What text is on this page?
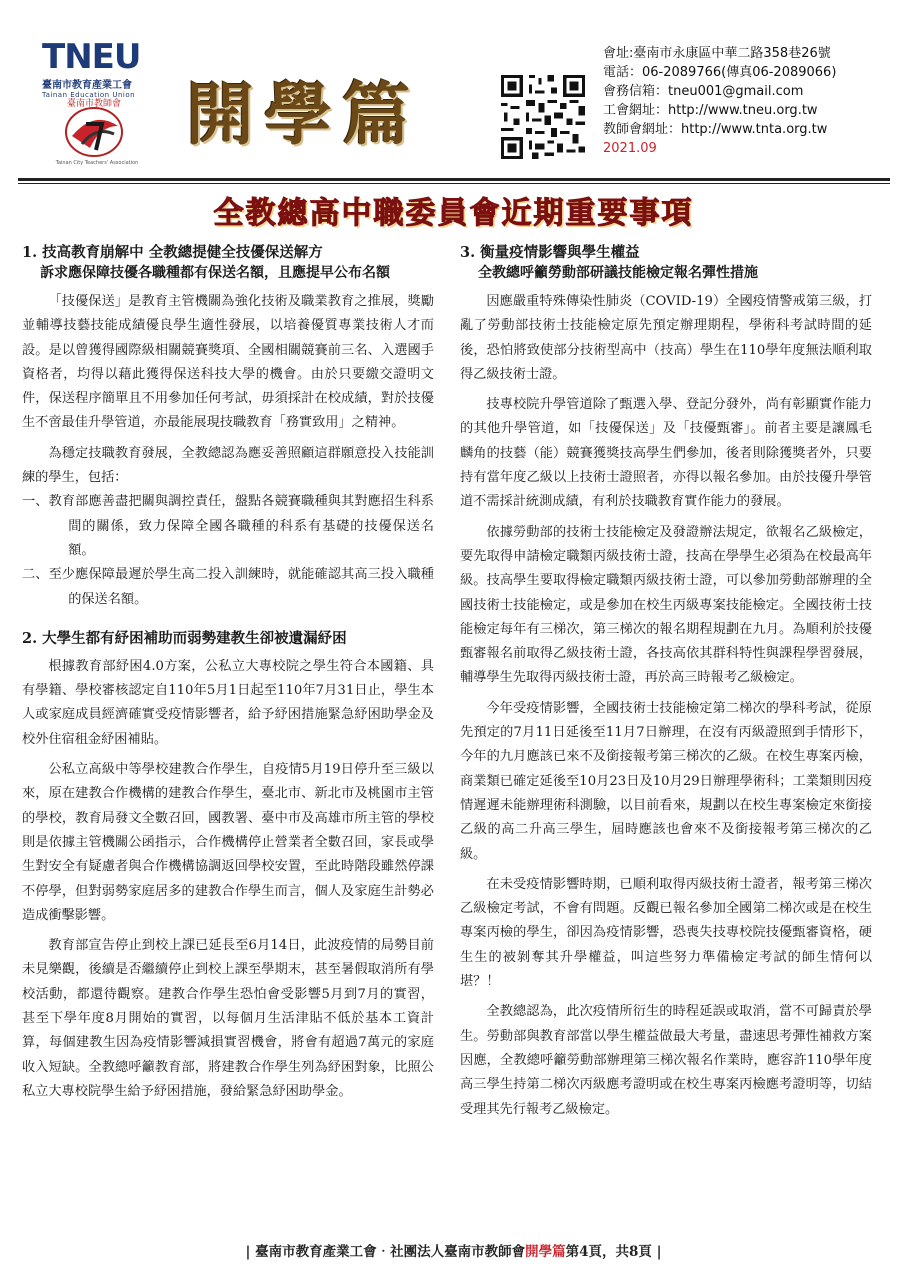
TNEU
臺南市教育產業工會
Tainan Education Union
臺南市教師會
Tainan City Teachers' Association
開學篇
會址:臺南市永康區中華二路358巷26號
電話：06-2089766(傳真06-2089066)
會務信箱：tneu001@gmail.com
工會網址：http://www.tneu.org.tw
教師會網址：http://www.tnta.org.tw
2021.09
全教總高中職委員會近期重要事項
1. 技高教育崩解中 全教總提健全技優保送解方
訴求應保障技優各職種都有保送名額，且應提早公布名額

「技優保送」是教育主管機關為強化技術及職業教育之推展，獎勵並輔導技藝技能成績優良學生適性發展，以培養優質專業技術人才而設。是以曾獲得國際級相關競賽獎項、全國相關競賽前三名、入選國手資格者，均得以藉此獲得保送科技大學的機會。由於只要繳交證明文件，保送程序簡單且不用參加任何考試，毋須採計在校成績，對於技優生不啻最佳升學管道，亦最能展現技職教育「務實致用」之精神。

為穩定技職教育發展，全教總認為應妥善照顧這群願意投入技能訓練的學生，包括：

一、教育部應善盡把關與調控責任，盤點各競賽職種與其對應招生科系間的關係，致力保障全國各職種的科系有基礎的技優保送名額。

二、至少應保障最遲於學生高二投入訓練時，就能確認其高三投入職種的保送名額。

2. 大學生都有紓困補助而弱勢建教生卻被遺漏紓困

根據教育部紓困4.0方案，公私立大專校院之學生符合本國籍、具有學籍、學校審核認定自110年5月1日起至110年7月31日止，學生本人或家庭成員經濟確實受疫情影響者，給予紓困措施緊急紓困助學金及校外住宿租金紓困補貼。

公私立高級中等學校建教合作學生，自疫情5月19日停升至三級以來，原在建教合作機構的建教合作學生，臺北市、新北市及桃園市主管的學校，教育局發文全數召回，國教署、臺中市及高雄市所主管的學校則是依據主管機關公函指示，合作機構停止營業者全數召回，家長或學生對安全有疑慮者與合作機構協調返回學校安置，至此時階段雖然停課不停學，但對弱勢家庭居多的建教合作學生而言，個人及家庭生計勢必造成衝擊影響。

教育部宣告停止到校上課已延長至6月14日，此波疫情的局勢目前未見樂觀，後續是否繼續停止到校上課至學期末，甚至暑假取消所有學校活動，都還待觀察。建教合作學生恐怕會受影響5月到7月的實習，甚至下學年度8月開始的實習，以每個月生活津貼不低於基本工資計算，每個建教生因為疫情影響減損實習機會，將會有超過7萬元的家庭收入短缺。全教總呼籲教育部，將建教合作學生列為紓困對象，比照公私立大專校院學生給予紓困措施，發給緊急紓困助學金。

3. 衡量疫情影響與學生權益
全教總呼籲勞動部研議技能檢定報名彈性措施

因應嚴重特殊傳染性肺炎（COVID-19）全國疫情警戒第三級，打亂了勞動部技術士技能檢定原先預定辦理期程，學術科考試時間的延後，恐怕將致使部分技術型高中（技高）學生在110學年度無法順利取得乙級技術士證。

技專校院升學管道除了甄選入學、登記分發外，尚有彰顯實作能力的其他升學管道，如「技優保送」及「技優甄審」。前者主要是讓鳳毛麟角的技藝（能）競賽獲獎技高學生們參加，後者則除獲獎者外，只要持有當年度乙級以上技術士證照者，亦得以報名參加。由於技優升學管道不需採計統測成績，有利於技職教育實作能力的發展。

依據勞動部的技術士技能檢定及發證辦法規定，欲報名乙級檢定，要先取得申請檢定職類丙級技術士證，技高在學學生必須為在校最高年級。技高學生要取得檢定職類丙級技術士證，可以參加勞動部辦理的全國技術士技能檢定，或是參加在校生丙級專案技能檢定。全國技術士技能檢定每年有三梯次，第三梯次的報名期程規劃在九月。為順利於技優甄審報名前取得乙級技術士證，各技高依其群科特性與課程學習發展，輔導學生先取得丙級技術士證，再於高三時報考乙級檢定。

今年受疫情影響，全國技術士技能檢定第二梯次的學科考試，從原先預定的7月11日延後至11月7日辦理，在沒有丙級證照到手情形下，今年的九月應該已來不及銜接報考第三梯次的乙級。在校生專案丙檢，商業類已確定延後至10月23日及10月29日辦理學術科；工業類則因疫情遲遲未能辦理術科測驗，以目前看來，規劃以在校生專案檢定來銜接乙級的高二升高三學生，屆時應該也會來不及銜接報考第三梯次的乙級。

在未受疫情影響時期，已順利取得丙級技術士證者，報考第三梯次乙級檢定考試，不會有問題。反觀已報名參加全國第二梯次或是在校生專案丙檢的學生，卻因為疫情影響，恐喪失技專校院技優甄審資格，硬生生的被剝奪其升學權益，叫這些努力準備檢定考試的師生情何以堪？！

全教總認為，此次疫情所衍生的時程延誤或取消，當不可歸責於學生。勞動部與教育部當以學生權益做最大考量，盡速思考彈性補救方案因應，全教總呼籲勞動部辦理第三梯次報名作業時，應容許110學年度高三學生持第二梯次丙級應考證明或在校生專案丙檢應考證明等，切結受理其先行報考乙級檢定。

| 臺南市教育產業工會‧社團法人臺南市教師會開學篇第4頁，共8頁 |
